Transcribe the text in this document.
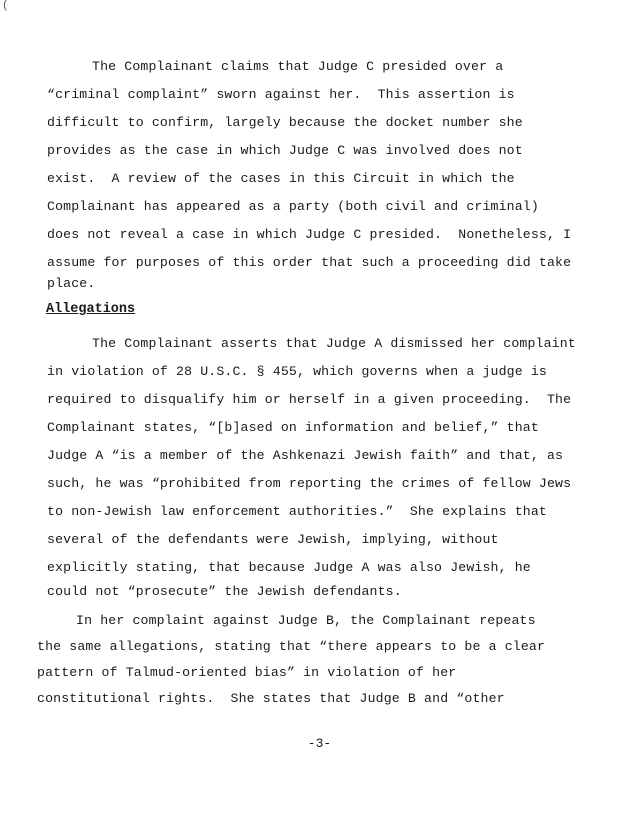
(
The Complainant claims that Judge C presided over a
“criminal complaint” sworn against her.  This assertion is
difficult to confirm, largely because the docket number she
provides as the case in which Judge C was involved does not
exist.  A review of the cases in this Circuit in which the
Complainant has appeared as a party (both civil and criminal)
does not reveal a case in which Judge C presided.  Nonetheless, I
assume for purposes of this order that such a proceeding did take
place.
Allegations
The Complainant asserts that Judge A dismissed her complaint
in violation of 28 U.S.C. § 455, which governs when a judge is
required to disqualify him or herself in a given proceeding.  The
Complainant states, “[b]ased on information and belief,” that
Judge A “is a member of the Ashkenazi Jewish faith” and that, as
such, he was “prohibited from reporting the crimes of fellow Jews
to non-Jewish law enforcement authorities.”  She explains that
several of the defendants were Jewish, implying, without
explicitly stating, that because Judge A was also Jewish, he
could not “prosecute” the Jewish defendants.
In her complaint against Judge B, the Complainant repeats
the same allegations, stating that “there appears to be a clear
pattern of Talmud-oriented bias” in violation of her
constitutional rights.  She states that Judge B and “other
-3-
